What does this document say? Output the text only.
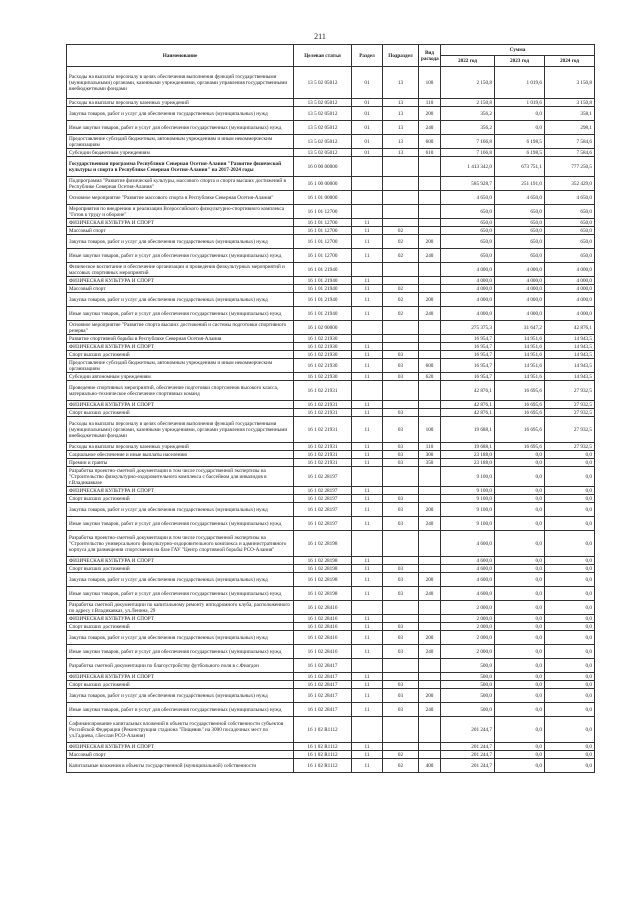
211
Наименование	Целевая статья	Раздел	Подраздел	Вид расхода	Сумма		
					2022 год	2023 год	2024 год
Расходы на выплаты персоналу в целях обеспечения выполнения функций государственными (муниципальными) органами, казенными учреждениями, органами управления государственными внебюджетными фондами	13 5 02 05012	01	13	100	2 150,8	1 019,6	3 150,8
Расходы на выплаты персоналу казенных учреждений	13 5 02 05012	01	13	110	2 150,8	1 019,6	3 150,8
Закупка товаров, работ и услуг для обеспечения государственных (муниципальных) нужд	13 5 02 05012	01	13	200	356,2	0,0	358,1
Иные закупки товаров, работ и услуг для обеспечения государственных (муниципальных) нужд	13 5 02 05012	01	13	240	356,2	0,0	298,1
Предоставление субсидий бюджетным, автономным учреждениям и иным некоммерческим организациям	13 5 02 05012	01	13	600	7 166,8	6 198,5	7 584,6
Субсидии бюджетным учреждениям	13 5 02 05012	01	13	610	7 166,8	6 198,5	7 584,6
Государственная программа Республики Северная Осетия-Алания "Развитие физической культуры и спорта в Республике Северная Осетия-Алания" на 2017-2024 годы	16 0 00 00000				1 413 342,0	673 751,1	777 250,5
Подпрограмма "Развитие физической культуры, массового спорта и спорта высших достижений в Республике Северная Осетия-Алания"	16 1 00 00000				585 928,7	251 191,0	352 429,0
Основное мероприятие "Развитие массового спорта в Республике Северная Осетия-Алания"	16 1 01 00000				4 650,0	4 650,0	4 650,0
Мероприятия по внедрению и реализации Всероссийского физкультурно-спортивного комплекса "Готов к труду и обороне"	16 1 01 12700				650,0	650,0	650,0
ФИЗИЧЕСКАЯ КУЛЬТУРА И СПОРТ	16 1 01 12700	11			650,0	650,0	650,0
Массовый спорт	16 1 01 12700	11	02		650,0	650,0	650,0
Закупка товаров, работ и услуг для обеспечения государственных (муниципальных) нужд	16 1 01 12700	11	02	200	650,0	650,0	650,0
Иные закупки товаров, работ и услуг для обеспечения государственных (муниципальных) нужд	16 1 01 12700	11	02	240	650,0	650,0	650,0
Физическое воспитание и обеспечение организации и проведения физкультурных мероприятий и массовых спортивных мероприятий	16 1 01 21940				4 000,0	4 000,0	4 000,0
ФИЗИЧЕСКАЯ КУЛЬТУРА И СПОРТ	16 1 01 21940	11			4 000,0	4 000,0	4 000,0
Массовый спорт	16 1 01 21940	11	02		4 000,0	4 000,0	4 000,0
Закупка товаров, работ и услуг для обеспечения государственных (муниципальных) нужд	16 1 01 21940	11	02	200	4 000,0	4 000,0	4 000,0
Иные закупки товаров, работ и услуг для обеспечения государственных (муниципальных) нужд	16 1 01 21940	11	02	240	4 000,0	4 000,0	4 000,0
Основное мероприятие "Развитие спорта высших достижений и системы подготовки спортивного резерва"	16 1 02 00000				275 375,3	31 647,2	42 876,1
Развитие спортивной борьбы в Республике Северная Осетия-Алания	16 1 02 21930				16 954,7	14 951,6	14 943,5
ФИЗИЧЕСКАЯ КУЛЬТУРА И СПОРТ	16 1 02 21930	11			16 954,7	14 951,6	14 943,5
Спорт высших достижений	16 1 02 21930	11	03		16 954,7	14 951,6	14 943,5
Предоставление субсидий бюджетным, автономным учреждениям и иным некоммерческим организациям	16 1 02 21930	11	03	600	16 954,7	14 951,6	14 943,5
Субсидии автономным учреждениям	16 1 02 21930	11	03	620	16 954,7	14 951,6	14 943,5
Проведение спортивных мероприятий, обеспечение подготовки спортсменов высокого класса, материально-техническое обеспечение спортивных команд	16 1 02 21931				42 876,1	16 695,6	27 932,5
ФИЗИЧЕСКАЯ КУЛЬТУРА И СПОРТ	16 1 02 21931	11			42 876,1	16 695,6	27 932,5
Спорт высших достижений	16 1 02 21931	11	03		42 876,1	16 695,6	27 932,5
Расходы на выплаты персоналу в целях обеспечения выполнения функций государственными (муниципальными) органами, казенными учреждениями, органами управления государственными внебюджетными фондами	16 1 02 21931	11	03	100	19 688,1	16 695,6	27 932,5
Расходы на выплаты персоналу казенных учреждений	16 1 02 21931	11	03	110	19 688,1	16 695,6	27 932,5
Социальное обеспечение и иные выплаты населению	16 1 02 21931	11	03	300	23 188,0	0,0	0,0
Премии и гранты	16 1 02 21931	11	03	350	23 188,0	0,0	0,0
Разработка проектно-сметной документации в том числе государственной экспертизы на "Строительство физкультурно-оздоровительного комплекса с бассейном для инвалидов в г.Владикавказе	16 1 02 28197				9 100,0	0,0	0,0
ФИЗИЧЕСКАЯ КУЛЬТУРА И СПОРТ	16 1 02 28197	11			9 100,0	0,0	0,0
Спорт высших достижений	16 1 02 28197	11	03		9 100,0	0,0	0,0
Закупка товаров, работ и услуг для обеспечения государственных (муниципальных) нужд	16 1 02 28197	11	03	200	9 100,0	0,0	0,0
Иные закупки товаров, работ и услуг для обеспечения государственных (муниципальных) нужд	16 1 02 28197	11	03	240	9 100,0	0,0	0,0
Разработка проектно-сметной документации в том числе государственной экспертизы на "Строительство универсального физкультурно-оздоровительного комплекса и административного корпуса для размещения спортсменов на базе ГАУ "Центр спортивной борьбы РСО-Алания"	16 1 02 28198				4 600,0	0,0	0,0
ФИЗИЧЕСКАЯ КУЛЬТУРА И СПОРТ	16 1 02 28198	11			4 600,0	0,0	0,0
Спорт высших достижений	16 1 02 28198	11	03		4 600,0	0,0	0,0
Закупка товаров, работ и услуг для обеспечения государственных (муниципальных) нужд	16 1 02 28198	11	03	200	4 600,0	0,0	0,0
Иные закупки товаров, работ и услуг для обеспечения государственных (муниципальных) нужд	16 1 02 28198	11	03	240	4 600,0	0,0	0,0
Разработка сметной документации по капитальному ремонту ипподромного клуба, расположенного по адресу г.Владикавказ, ул.Ленина, 29	16 1 02 28416				2 000,0	0,0	0,0
ФИЗИЧЕСКАЯ КУЛЬТУРА И СПОРТ	16 1 02 28416	11			2 000,0	0,0	0,0
Спорт высших достижений	16 1 02 28416	11	03		2 000,0	0,0	0,0
Закупка товаров, работ и услуг для обеспечения государственных (муниципальных) нужд	16 1 02 28416	11	03	200	2 000,0	0,0	0,0
Иные закупки товаров, работ и услуг для обеспечения государственных (муниципальных) нужд	16 1 02 28416	11	03	240	2 000,0	0,0	0,0
Разработка сметной документации по благоустройству футбольного поля в с.Фиагдон	16 1 02 28417				500,0	0,0	0,0
ФИЗИЧЕСКАЯ КУЛЬТУРА И СПОРТ	16 1 02 28417	11			500,0	0,0	0,0
Спорт высших достижений	16 1 02 28417	11	03		500,0	0,0	0,0
Закупка товаров, работ и услуг для обеспечения государственных (муниципальных) нужд	16 1 02 28417	11	03	200	500,0	0,0	0,0
Иные закупки товаров, работ и услуг для обеспечения государственных (муниципальных) нужд	16 1 02 28417	11	03	240	500,0	0,0	0,0
Софинансирование капитальных вложений в объекты государственной собственности субъектов Российской Федерации (Реконструкция стадиона "Пищевик" на 3000 посадочных мест по ул.Гадиева, г.Беслан РСО-Алания)	16 1 02 R1112				201 244,7	0,0	0,0
ФИЗИЧЕСКАЯ КУЛЬТУРА И СПОРТ	16 1 02 R1112	11			201 244,7	0,0	0,0
Массовый спорт	16 1 02 R1112	11	02		201 244,7	0,0	0,0
Капитальные вложения в объекты государственной (муниципальной) собственности	16 1 02 R1112	11	02	400	201 244,7	0,0	0,0
